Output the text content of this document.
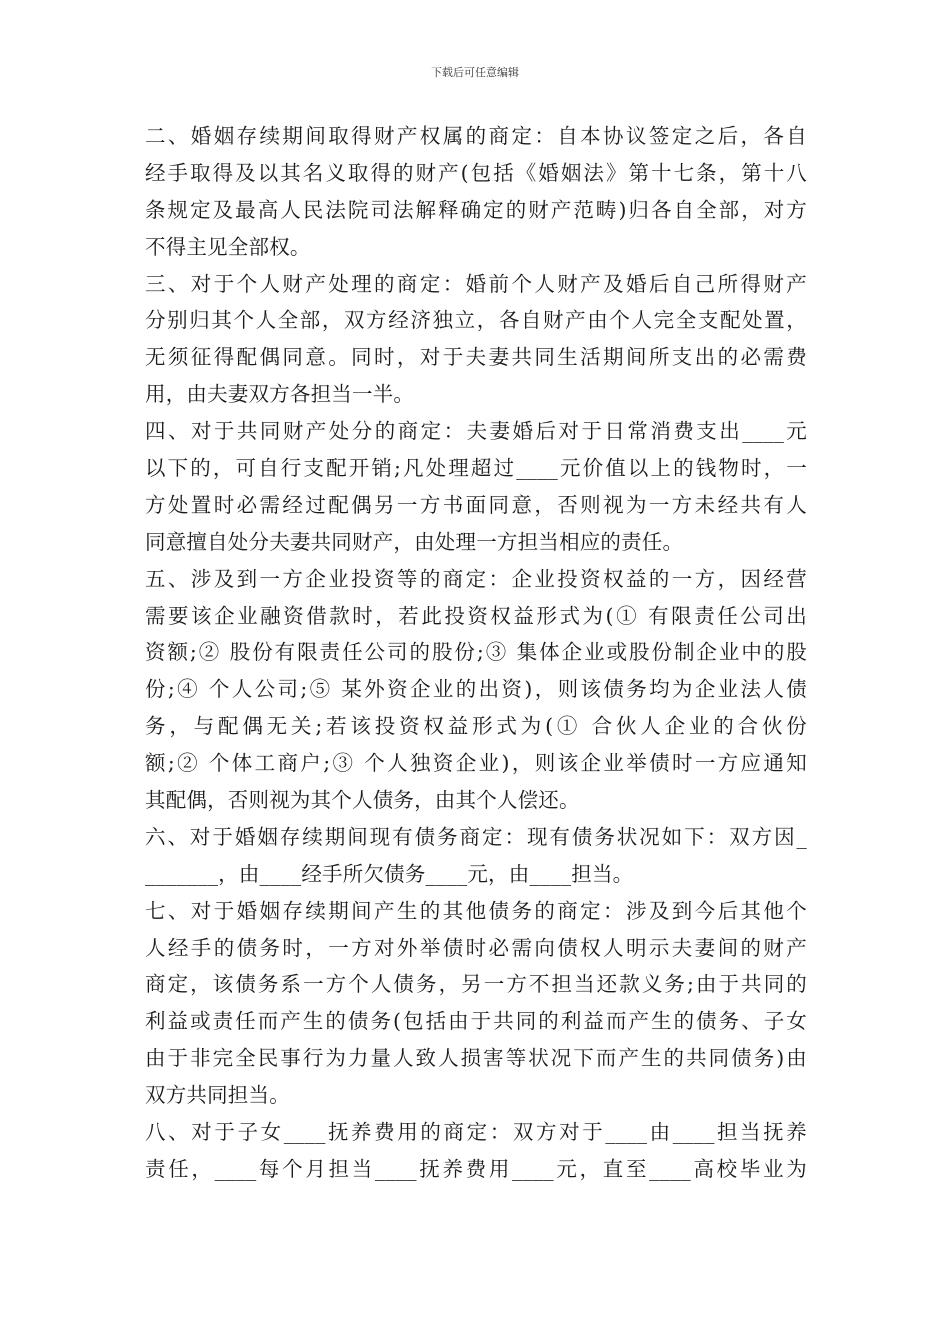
下载后可任意编辑
二、婚姻存续期间取得财产权属的商定：自本协议签定之后，各自
经手取得及以其名义取得的财产(包括《婚姻法》第十七条，第十八
条规定及最高人民法院司法解释确定的财产范畴)归各自全部，对方
不得主见全部权。
三、对于个人财产处理的商定：婚前个人财产及婚后自己所得财产
分别归其个人全部，双方经济独立，各自财产由个人完全支配处置，
无须征得配偶同意。同时，对于夫妻共同生活期间所支出的必需费
用，由夫妻双方各担当一半。
四、对于共同财产处分的商定：夫妻婚后对于日常消费支出____元
以下的，可自行支配开销;凡处理超过____元价值以上的钱物时，一
方处置时必需经过配偶另一方书面同意，否则视为一方未经共有人
同意擅自处分夫妻共同财产，由处理一方担当相应的责任。
五、涉及到一方企业投资等的商定：企业投资权益的一方，因经营
需要该企业融资借款时，若此投资权益形式为(① 有限责任公司出
资额;② 股份有限责任公司的股份;③ 集体企业或股份制企业中的股
份;④ 个人公司;⑤ 某外资企业的出资)，则该债务均为企业法人债
务，与配偶无关;若该投资权益形式为(① 合伙人企业的合伙份
额;② 个体工商户;③ 个人独资企业)，则该企业举债时一方应通知
其配偶，否则视为其个人债务，由其个人偿还。
六、对于婚姻存续期间现有债务商定：现有债务状况如下：双方因_
_______，由____经手所欠债务____元，由____担当。
七、对于婚姻存续期间产生的其他债务的商定：涉及到今后其他个
人经手的债务时，一方对外举债时必需向债权人明示夫妻间的财产
商定，该债务系一方个人债务，另一方不担当还款义务;由于共同的
利益或责任而产生的债务(包括由于共同的利益而产生的债务、子女
由于非完全民事行为力量人致人损害等状况下而产生的共同债务)由
双方共同担当。
八、对于子女____抚养费用的商定：双方对于____由____担当抚养
责任，____每个月担当____抚养费用____元，直至____高校毕业为
